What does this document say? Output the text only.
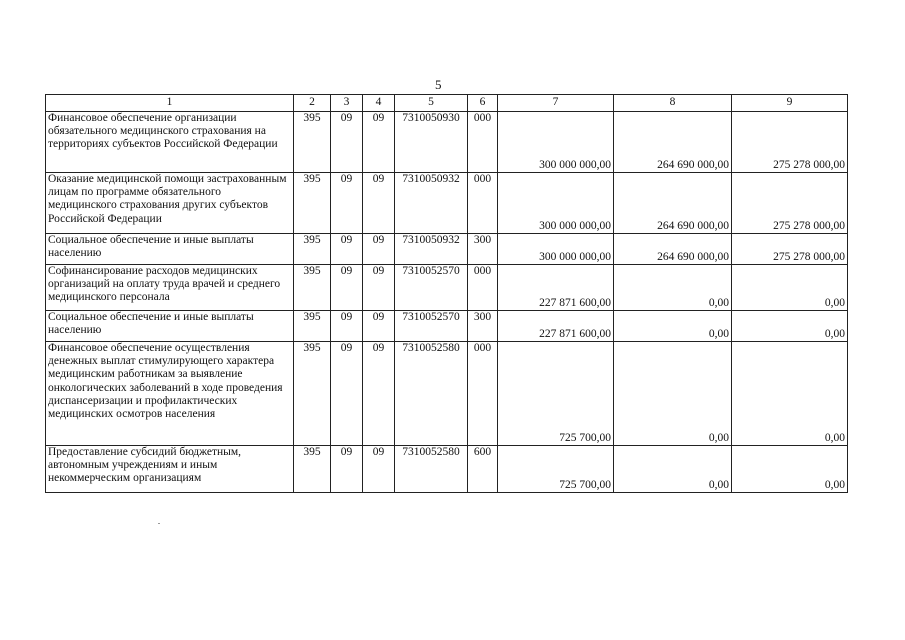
5
1	2	3	4	5	6	7	8	9
Финансовое обеспечение организации обязательного медицинского страхования на территориях субъектов Российской Федерации	395	09	09	7310050930	000	300 000 000,00	264 690 000,00	275 278 000,00
Оказание медицинской помощи застрахованным лицам по программе обязательного медицинского страхования других субъектов Российской Федерации	395	09	09	7310050932	000	300 000 000,00	264 690 000,00	275 278 000,00
Социальное обеспечение и иные выплаты населению	395	09	09	7310050932	300	300 000 000,00	264 690 000,00	275 278 000,00
Софинансирование расходов медицинских организаций на оплату труда врачей и среднего медицинского персонала	395	09	09	7310052570	000	227 871 600,00	0,00	0,00
Социальное обеспечение и иные выплаты населению	395	09	09	7310052570	300	227 871 600,00	0,00	0,00
Финансовое обеспечение осуществления денежных выплат стимулирующего характера медицинским работникам за выявление онкологических заболеваний в ходе проведения диспансеризации и профилактических медицинских осмотров населения	395	09	09	7310052580	000	725 700,00	0,00	0,00
Предоставление субсидий бюджетным, автономным учреждениям и иным некоммерческим организациям	395	09	09	7310052580	600	725 700,00	0,00	0,00
